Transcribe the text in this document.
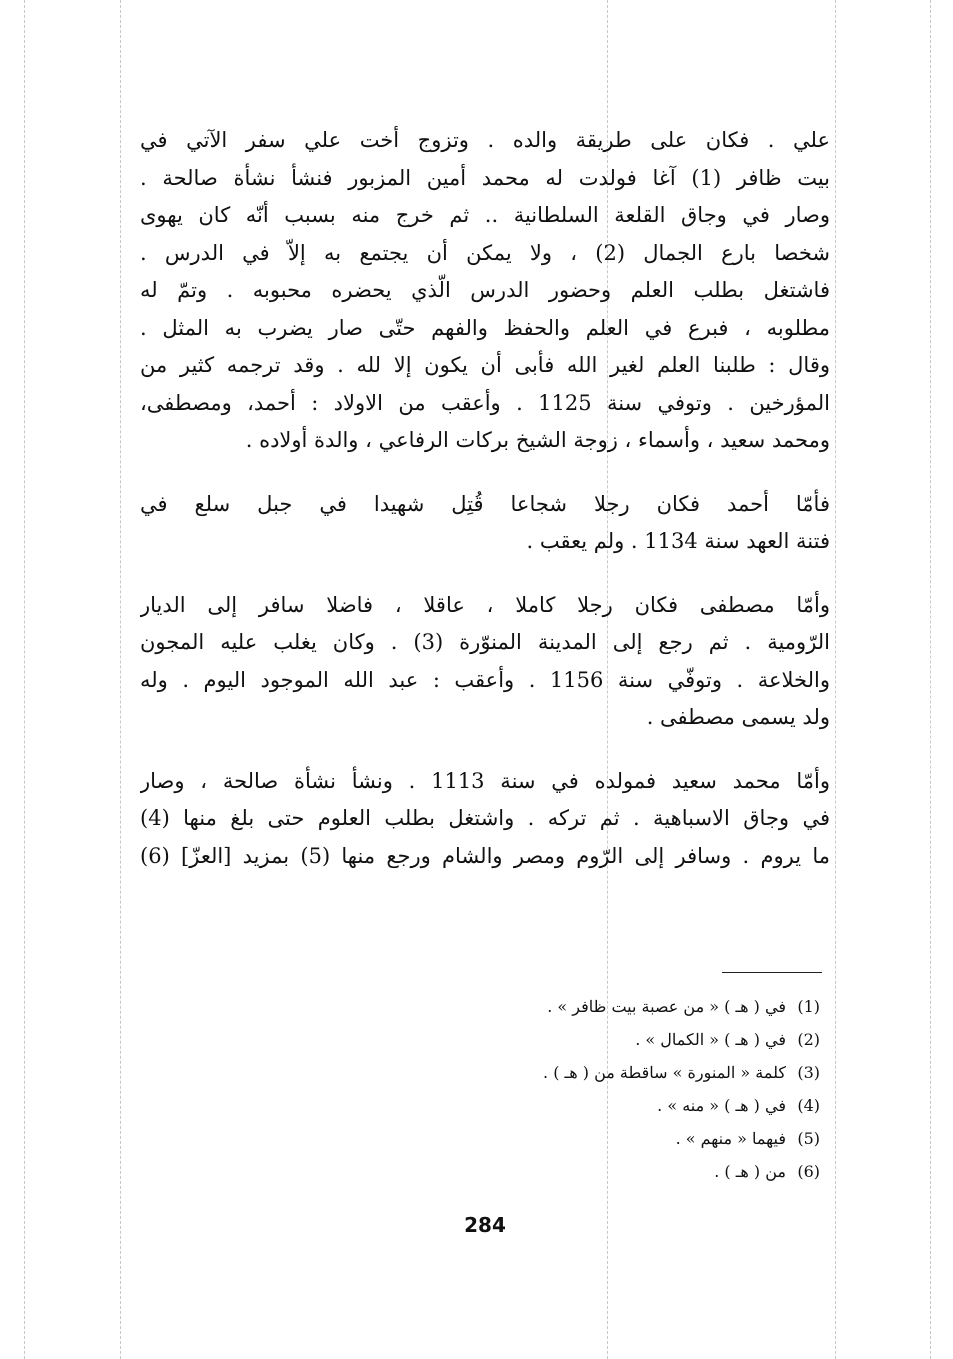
علي . فكان على طريقة والده . وتزوج أخت علي سفر الآتي في
بيت ظافر (1) آغا فولدت له محمد أمين المزبور فنشأ نشأة صالحة .
وصار في وجاق القلعة السلطانية .. ثم خرج منه بسبب أنّه كان يهوى
شخصا بارع الجمال (2) ، ولا يمكن أن يجتمع به إلاّ في الدرس .
فاشتغل بطلب العلم وحضور الدرس الّذي يحضره محبوبه . وتمّ له
مطلوبه ، فبرع في العلم والحفظ والفهم حتّى صار يضرب به المثل .
وقال : طلبنا العلم لغير الله فأبى أن يكون إلا لله . وقد ترجمه كثير من
المؤرخين . وتوفي سنة 1125 . وأعقب من الاولاد : أحمد، ومصطفى،
ومحمد سعيد ، وأسماء ، زوجة الشيخ بركات الرفاعي ، والدة أولاده .
فأمّا أحمد فكان رجلا شجاعا قُتِل شهيدا في جبل سلع في
فتنة العهد سنة 1134 . ولم يعقب .
وأمّا مصطفى فكان رجلا كاملا ، عاقلا ، فاضلا سافر إلى الديار
الرّومية . ثم رجع إلى المدينة المنوّرة (3) . وكان يغلب عليه المجون
والخلاعة . وتوفّي سنة 1156 . وأعقب : عبد الله الموجود اليوم . وله
ولد يسمى مصطفى .
وأمّا محمد سعيد فمولده في سنة 1113 . ونشأ نشأة صالحة ، وصار
في وجاق الاسباهية . ثم تركه . واشتغل بطلب العلوم حتى بلغ منها (4)
ما يروم . وسافر إلى الرّوم ومصر والشام ورجع منها (5) بمزيد [العزّ] (6)
(1)
في ( هـ ) « من عصبة بيت ظافر » .
(2)
في ( هـ ) « الكمال » .
(3)
كلمة « المنورة » ساقطة من ( هـ ) .
(4)
في ( هـ ) « منه » .
(5)
فيهما « منهم » .
(6)
من ( هـ ) .
284
